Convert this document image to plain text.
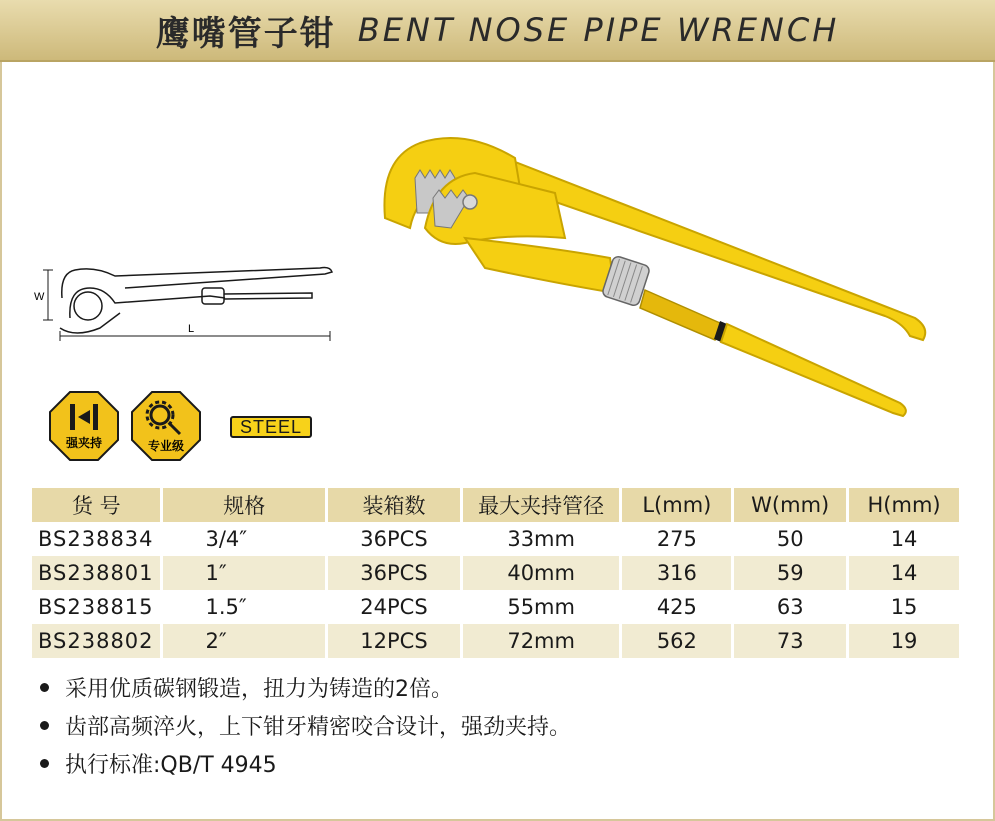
鹰嘴管子钳 BENT NOSE PIPE WRENCH
W
L
强夹持	专业级
STEEL
货 号	规格	装箱数	最大夹持管径	L(mm)	W(mm)	H(mm)
BS238834	3/4″	36PCS	33mm	275	50	14
BS238801	1″	36PCS	40mm	316	59	14
BS238815	1.5″	24PCS	55mm	425	63	15
BS238802	2″	12PCS	72mm	562	73	19
采用优质碳钢锻造，扭力为铸造的2倍。
齿部高频淬火，上下钳牙精密咬合设计，强劲夹持。
执行标准:QB/T 4945
